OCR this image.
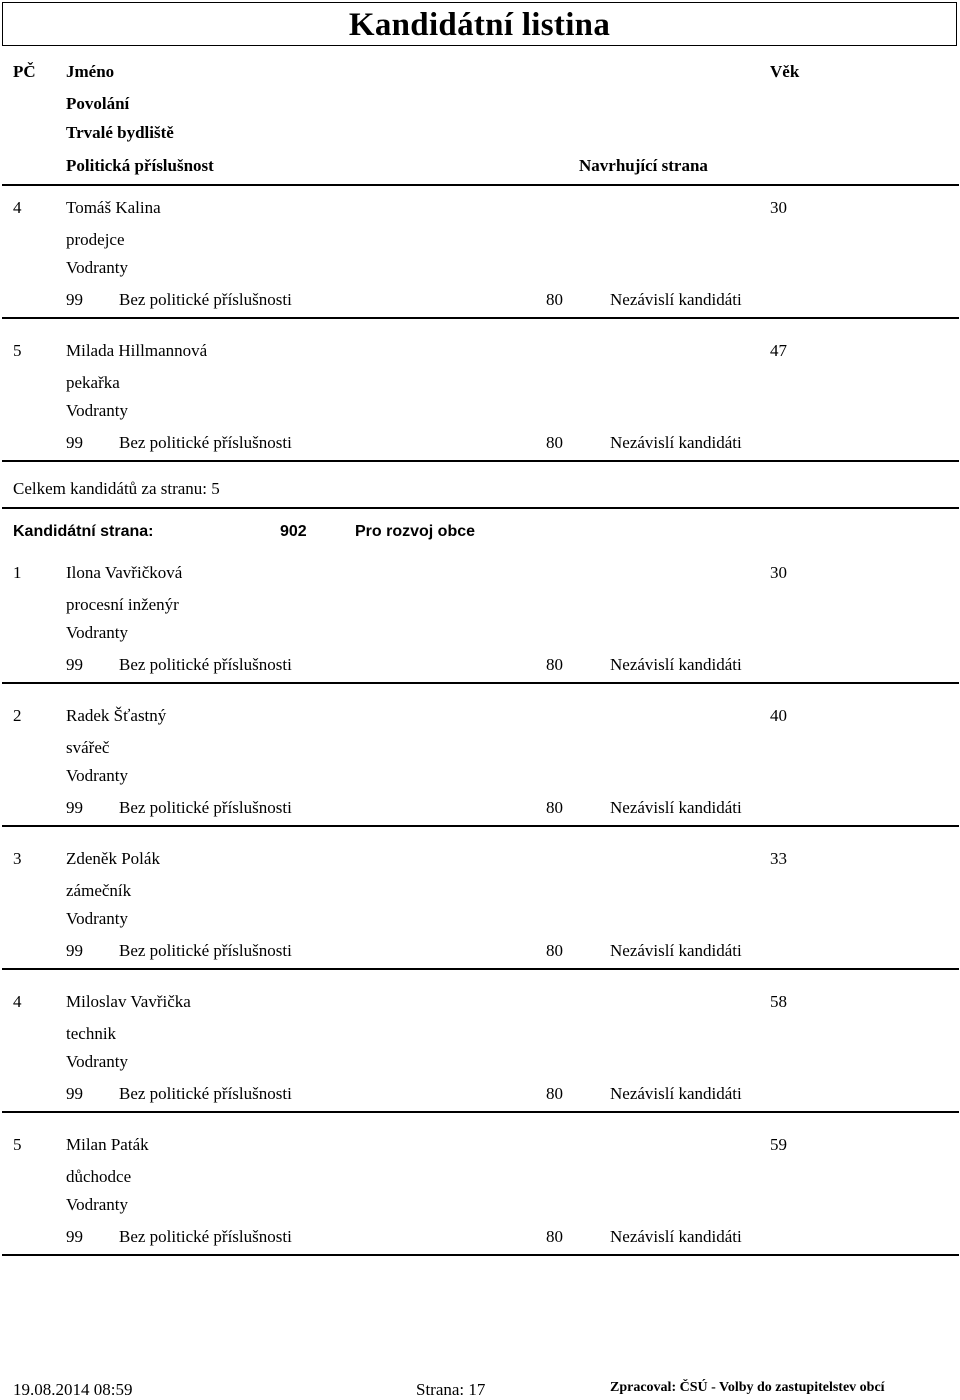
Kandidátní listina
PČ Jméno	Věk
Povolání
Trvalé bydliště
Politická příslušnost	Navrhující strana
4	Tomáš Kalina	30
prodejce
Vodranty
99 Bez politické příslušnosti	80	Nezávislí kandidáti
5	Milada Hillmannová	47
pekařka
Vodranty
99 Bez politické příslušnosti	80	Nezávislí kandidáti
Celkem kandidátů za stranu: 5
Kandidátní strana:	902	Pro rozvoj obce
1	Ilona Vavřičková	30
procesní inženýr
Vodranty
99 Bez politické příslušnosti	80	Nezávislí kandidáti
2	Radek Šťastný	40
svářeč
Vodranty
99 Bez politické příslušnosti	80	Nezávislí kandidáti
3	Zdeněk Polák	33
zámečník
Vodranty
99 Bez politické příslušnosti	80	Nezávislí kandidáti
4	Miloslav Vavřička	58
technik
Vodranty
99 Bez politické příslušnosti	80	Nezávislí kandidáti
5	Milan Paták	59
důchodce
Vodranty
99 Bez politické příslušnosti	80	Nezávislí kandidáti
19.08.2014 08:59	Strana: 17	Zpracoval: ČSÚ - Volby do zastupitelstev obcí
